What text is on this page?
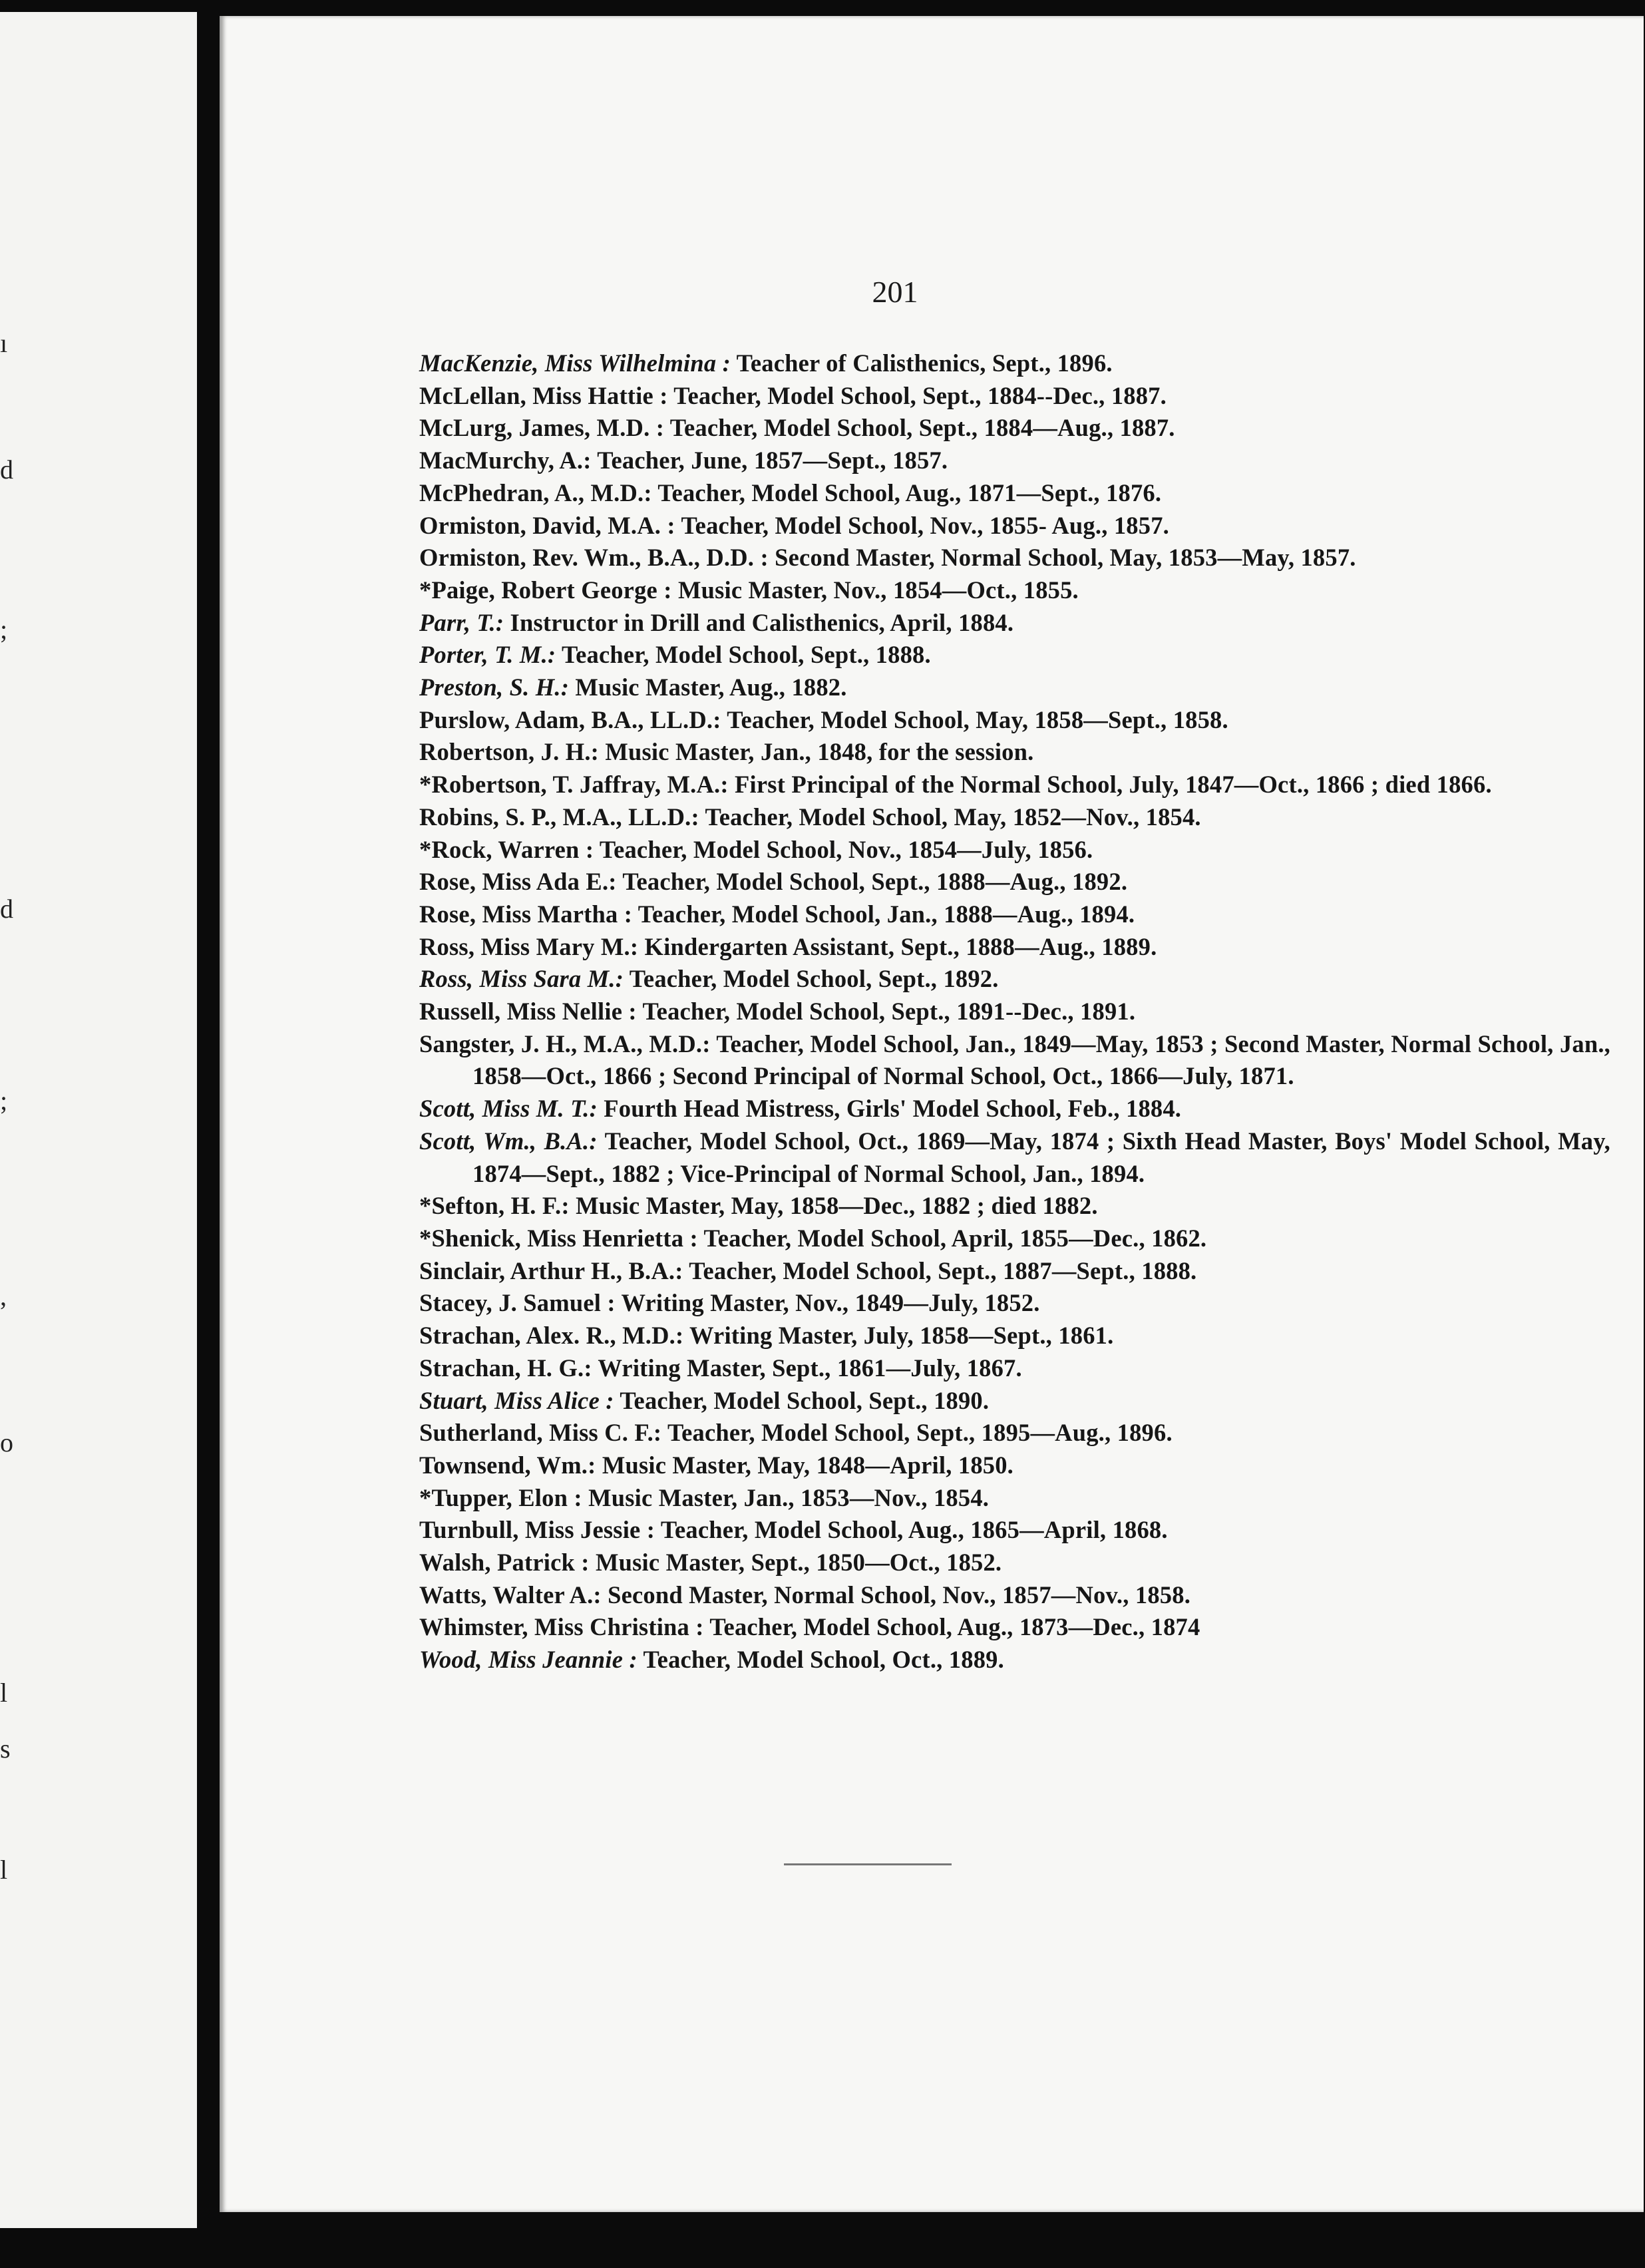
ı
d
;
d
;
,
o
l
s
l
201
MacKenzie, Miss Wilhelmina : Teacher of Calisthenics, Sept., 1896.
McLellan, Miss Hattie : Teacher, Model School, Sept., 1884--Dec., 1887.
McLurg, James, M.D. : Teacher, Model School, Sept., 1884—Aug., 1887.
MacMurchy, A.: Teacher, June, 1857—Sept., 1857.
McPhedran, A., M.D.: Teacher, Model School, Aug., 1871—Sept., 1876.
Ormiston, David, M.A. : Teacher, Model School, Nov., 1855- Aug., 1857.
Ormiston, Rev. Wm., B.A., D.D. : Second Master, Normal School, May, 1853—May, 1857.
*Paige, Robert George : Music Master, Nov., 1854—Oct., 1855.
Parr, T.: Instructor in Drill and Calisthenics, April, 1884.
Porter, T. M.: Teacher, Model School, Sept., 1888.
Preston, S. H.: Music Master, Aug., 1882.
Purslow, Adam, B.A., LL.D.: Teacher, Model School, May, 1858—Sept., 1858.
Robertson, J. H.: Music Master, Jan., 1848, for the session.
*Robertson, T. Jaffray, M.A.: First Principal of the Normal School, July, 1847—Oct., 1866 ; died 1866.
Robins, S. P., M.A., LL.D.: Teacher, Model School, May, 1852—Nov., 1854.
*Rock, Warren : Teacher, Model School, Nov., 1854—July, 1856.
Rose, Miss Ada E.: Teacher, Model School, Sept., 1888—Aug., 1892.
Rose, Miss Martha : Teacher, Model School, Jan., 1888—Aug., 1894.
Ross, Miss Mary M.: Kindergarten Assistant, Sept., 1888—Aug., 1889.
Ross, Miss Sara M.: Teacher, Model School, Sept., 1892.
Russell, Miss Nellie : Teacher, Model School, Sept., 1891--Dec., 1891.
Sangster, J. H., M.A., M.D.: Teacher, Model School, Jan., 1849—May, 1853 ; Second Master, Normal School, Jan., 1858—Oct., 1866 ; Second Principal of Normal School, Oct., 1866—July, 1871.
Scott, Miss M. T.: Fourth Head Mistress, Girls' Model School, Feb., 1884.
Scott, Wm., B.A.: Teacher, Model School, Oct., 1869—May, 1874 ; Sixth Head Master, Boys' Model School, May, 1874—Sept., 1882 ; Vice-Principal of Normal School, Jan., 1894.
*Sefton, H. F.: Music Master, May, 1858—Dec., 1882 ; died 1882.
*Shenick, Miss Henrietta : Teacher, Model School, April, 1855—Dec., 1862.
Sinclair, Arthur H., B.A.: Teacher, Model School, Sept., 1887—Sept., 1888.
Stacey, J. Samuel : Writing Master, Nov., 1849—July, 1852.
Strachan, Alex. R., M.D.: Writing Master, July, 1858—Sept., 1861.
Strachan, H. G.: Writing Master, Sept., 1861—July, 1867.
Stuart, Miss Alice : Teacher, Model School, Sept., 1890.
Sutherland, Miss C. F.: Teacher, Model School, Sept., 1895—Aug., 1896.
Townsend, Wm.: Music Master, May, 1848—April, 1850.
*Tupper, Elon : Music Master, Jan., 1853—Nov., 1854.
Turnbull, Miss Jessie : Teacher, Model School, Aug., 1865—April, 1868.
Walsh, Patrick : Music Master, Sept., 1850—Oct., 1852.
Watts, Walter A.: Second Master, Normal School, Nov., 1857—Nov., 1858.
Whimster, Miss Christina : Teacher, Model School, Aug., 1873—Dec., 1874
Wood, Miss Jeannie : Teacher, Model School, Oct., 1889.
